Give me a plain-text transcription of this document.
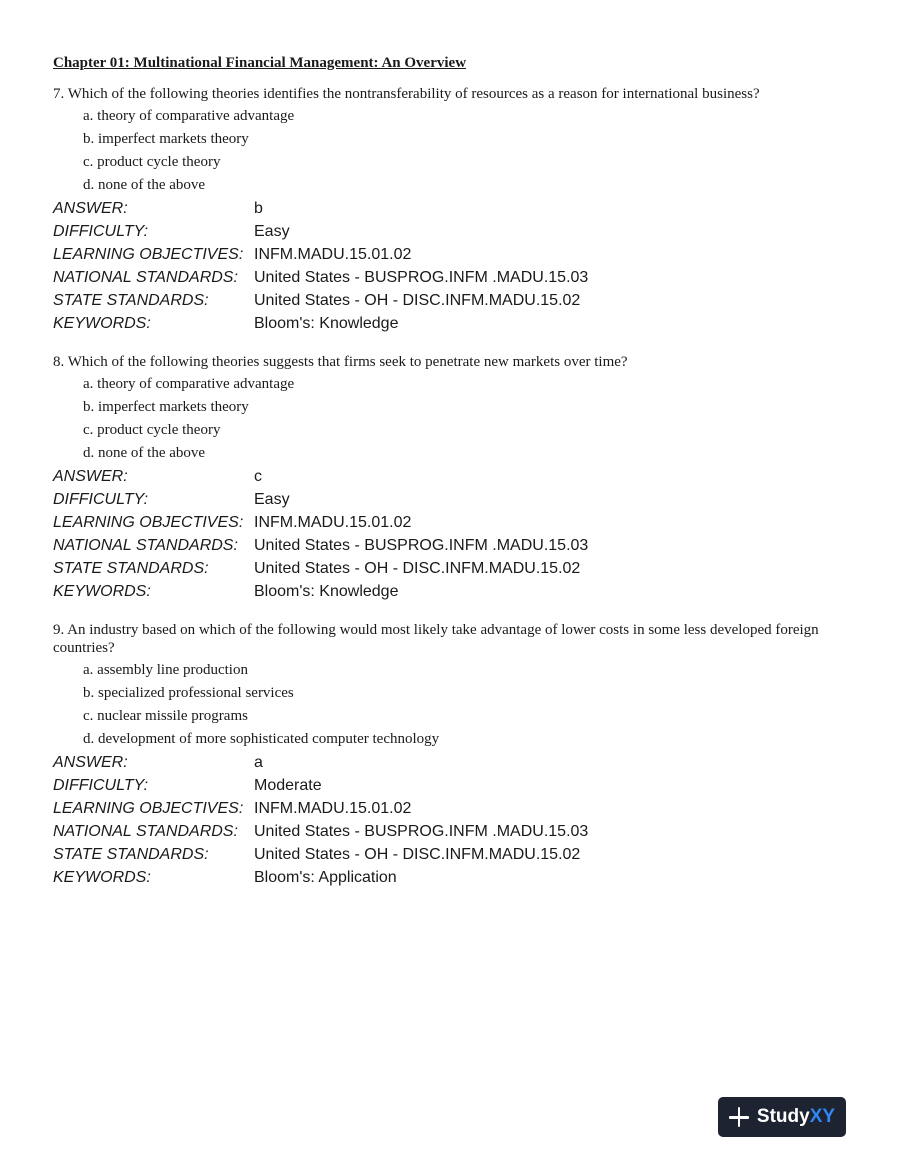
Chapter 01: Multinational Financial Management: An Overview

7. Which of the following theories identifies the nontransferability of resources as a reason for international business?

a. theory of comparative advantage
b. imperfect markets theory
c. product cycle theory
d. none of the above
ANSWER:	b
DIFFICULTY:	Easy
LEARNING OBJECTIVES: INFM.MADU.15.01.02
NATIONAL STANDARDS:	United States - BUSPROG.INFM .MADU.15.03
STATE STANDARDS:	United States - OH - DISC.INFM.MADU.15.02
KEYWORDS:	Bloom's: Knowledge

8. Which of the following theories suggests that firms seek to penetrate new markets over time?

a. theory of comparative advantage
b. imperfect markets theory
c. product cycle theory
d. none of the above
ANSWER:	c
DIFFICULTY:	Easy
LEARNING OBJECTIVES: INFM.MADU.15.01.02
NATIONAL STANDARDS:	United States - BUSPROG.INFM .MADU.15.03
STATE STANDARDS:	United States - OH - DISC.INFM.MADU.15.02
KEYWORDS:	Bloom's: Knowledge

9. An industry based on which of the following would most likely take advantage of lower costs in some less developed foreign countries?

a. assembly line production
b. specialized professional services
c. nuclear missile programs
d. development of more sophisticated computer technology
ANSWER:	a
DIFFICULTY:	Moderate
LEARNING OBJECTIVES: INFM.MADU.15.01.02
NATIONAL STANDARDS:	United States - BUSPROG.INFM .MADU.15.03
STATE STANDARDS:	United States - OH - DISC.INFM.MADU.15.02
KEYWORDS:	Bloom's: Application
Study XY
